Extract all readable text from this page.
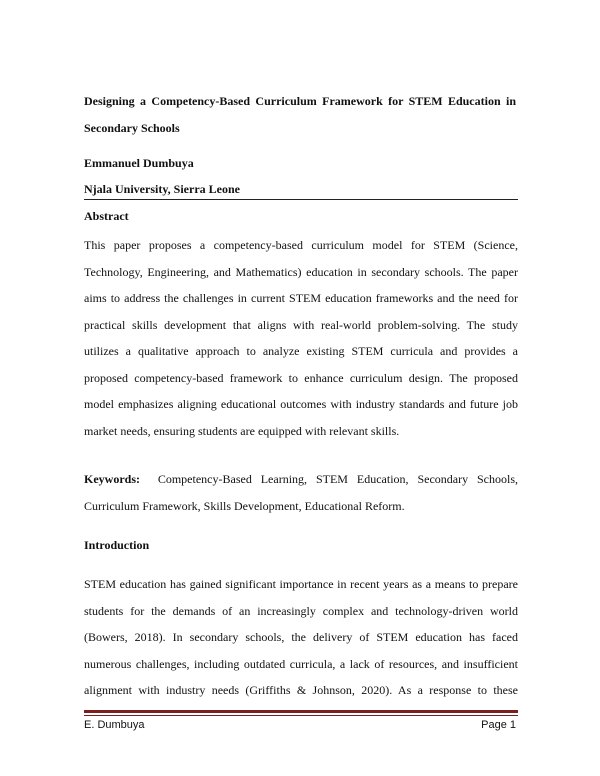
Designing a Competency-Based Curriculum Framework for STEM Education in Secondary Schools
Emmanuel Dumbuya
Njala University, Sierra Leone
Abstract

This paper proposes a competency-based curriculum model for STEM (Science, Technology, Engineering, and Mathematics) education in secondary schools. The paper aims to address the challenges in current STEM education frameworks and the need for practical skills development that aligns with real-world problem-solving. The study utilizes a qualitative approach to analyze existing STEM curricula and provides a proposed competency-based framework to enhance curriculum design. The proposed model emphasizes aligning educational outcomes with industry standards and future job market needs, ensuring students are equipped with relevant skills.

Keywords: Competency-Based Learning, STEM Education, Secondary Schools, Curriculum Framework, Skills Development, Educational Reform.

Introduction

STEM education has gained significant importance in recent years as a means to prepare students for the demands of an increasingly complex and technology-driven world (Bowers, 2018). In secondary schools, the delivery of STEM education has faced numerous challenges, including outdated curricula, a lack of resources, and insufficient alignment with industry needs (Griffiths & Johnson, 2020). As a response to these

E. Dumbuya	Page 1
